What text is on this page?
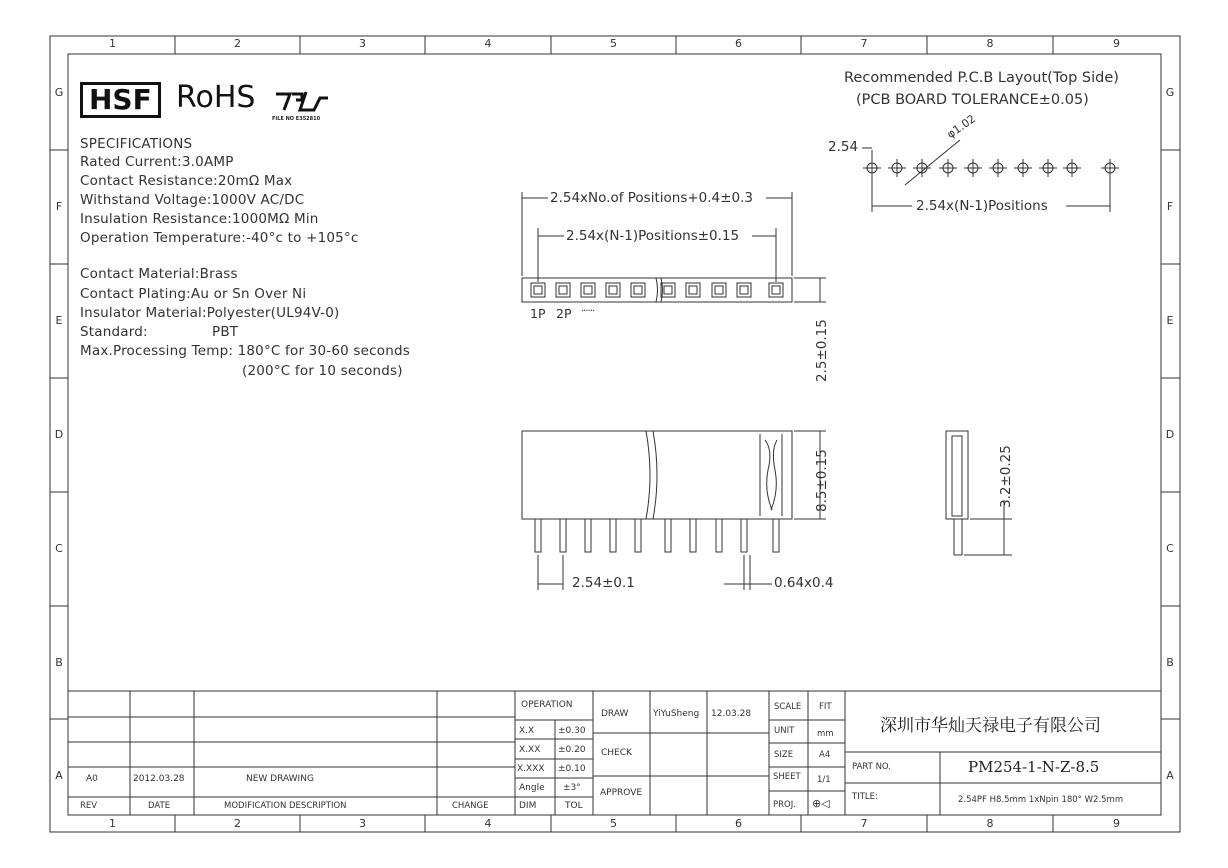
1
1
2
2
3
3
4
4
5
5
6
6
7
7
8
8
9
9
G	G
F	F
E	E
D	D
C	C
B	B
A	A
HSF RoHS
FILE NO E352810
SPECIFICATIONS
Rated Current:3.0AMP
Contact Resistance:20mΩ Max
Withstand Voltage:1000V AC/DC
Insulation Resistance:1000MΩ Min
Operation Temperature:-40°c to +105°c
Contact Material:Brass
Contact Plating:Au or Sn Over Ni
Insulator Material:Polyester(UL94V-0)
Standard:	PBT
Max.Processing Temp: 180°C for 30-60 seconds
(200°C for 10 seconds)
Recommended P.C.B Layout(Top Side)
(PCB BOARD TOLERANCE±0.05)
2.54
φ1.02
2.54x(N-1)Positions
2.54xNo.of Positions+0.4±0.3
2.54x(N-1)Positions±0.15
1P 2P ······
2.5±0.15
8.5±0.15	3.2±0.25
2.54±0.1	0.64x0.4
A0	2012.03.28	NEW DRAWING
REV	DATE	MODIFICATION DESCRIPTION	CHANGE
OPERATION
X.X	±0.30
X.XX ±0.20
X.XXX ±0.10
Angle ±3°
DIM	TOL
DRAW	YiYuSheng 12.03.28
CHECK
APPROVE
SCALE FIT
UNIT	mm
SIZE	A4
SHEET 1/1
PROJ. ⊕◁
深圳市华灿天禄电子有限公司
PART NO.	PM254-1-N-Z-8.5
TITLE:	2.54PF H8.5mm 1xNpin 180° W2.5mm
